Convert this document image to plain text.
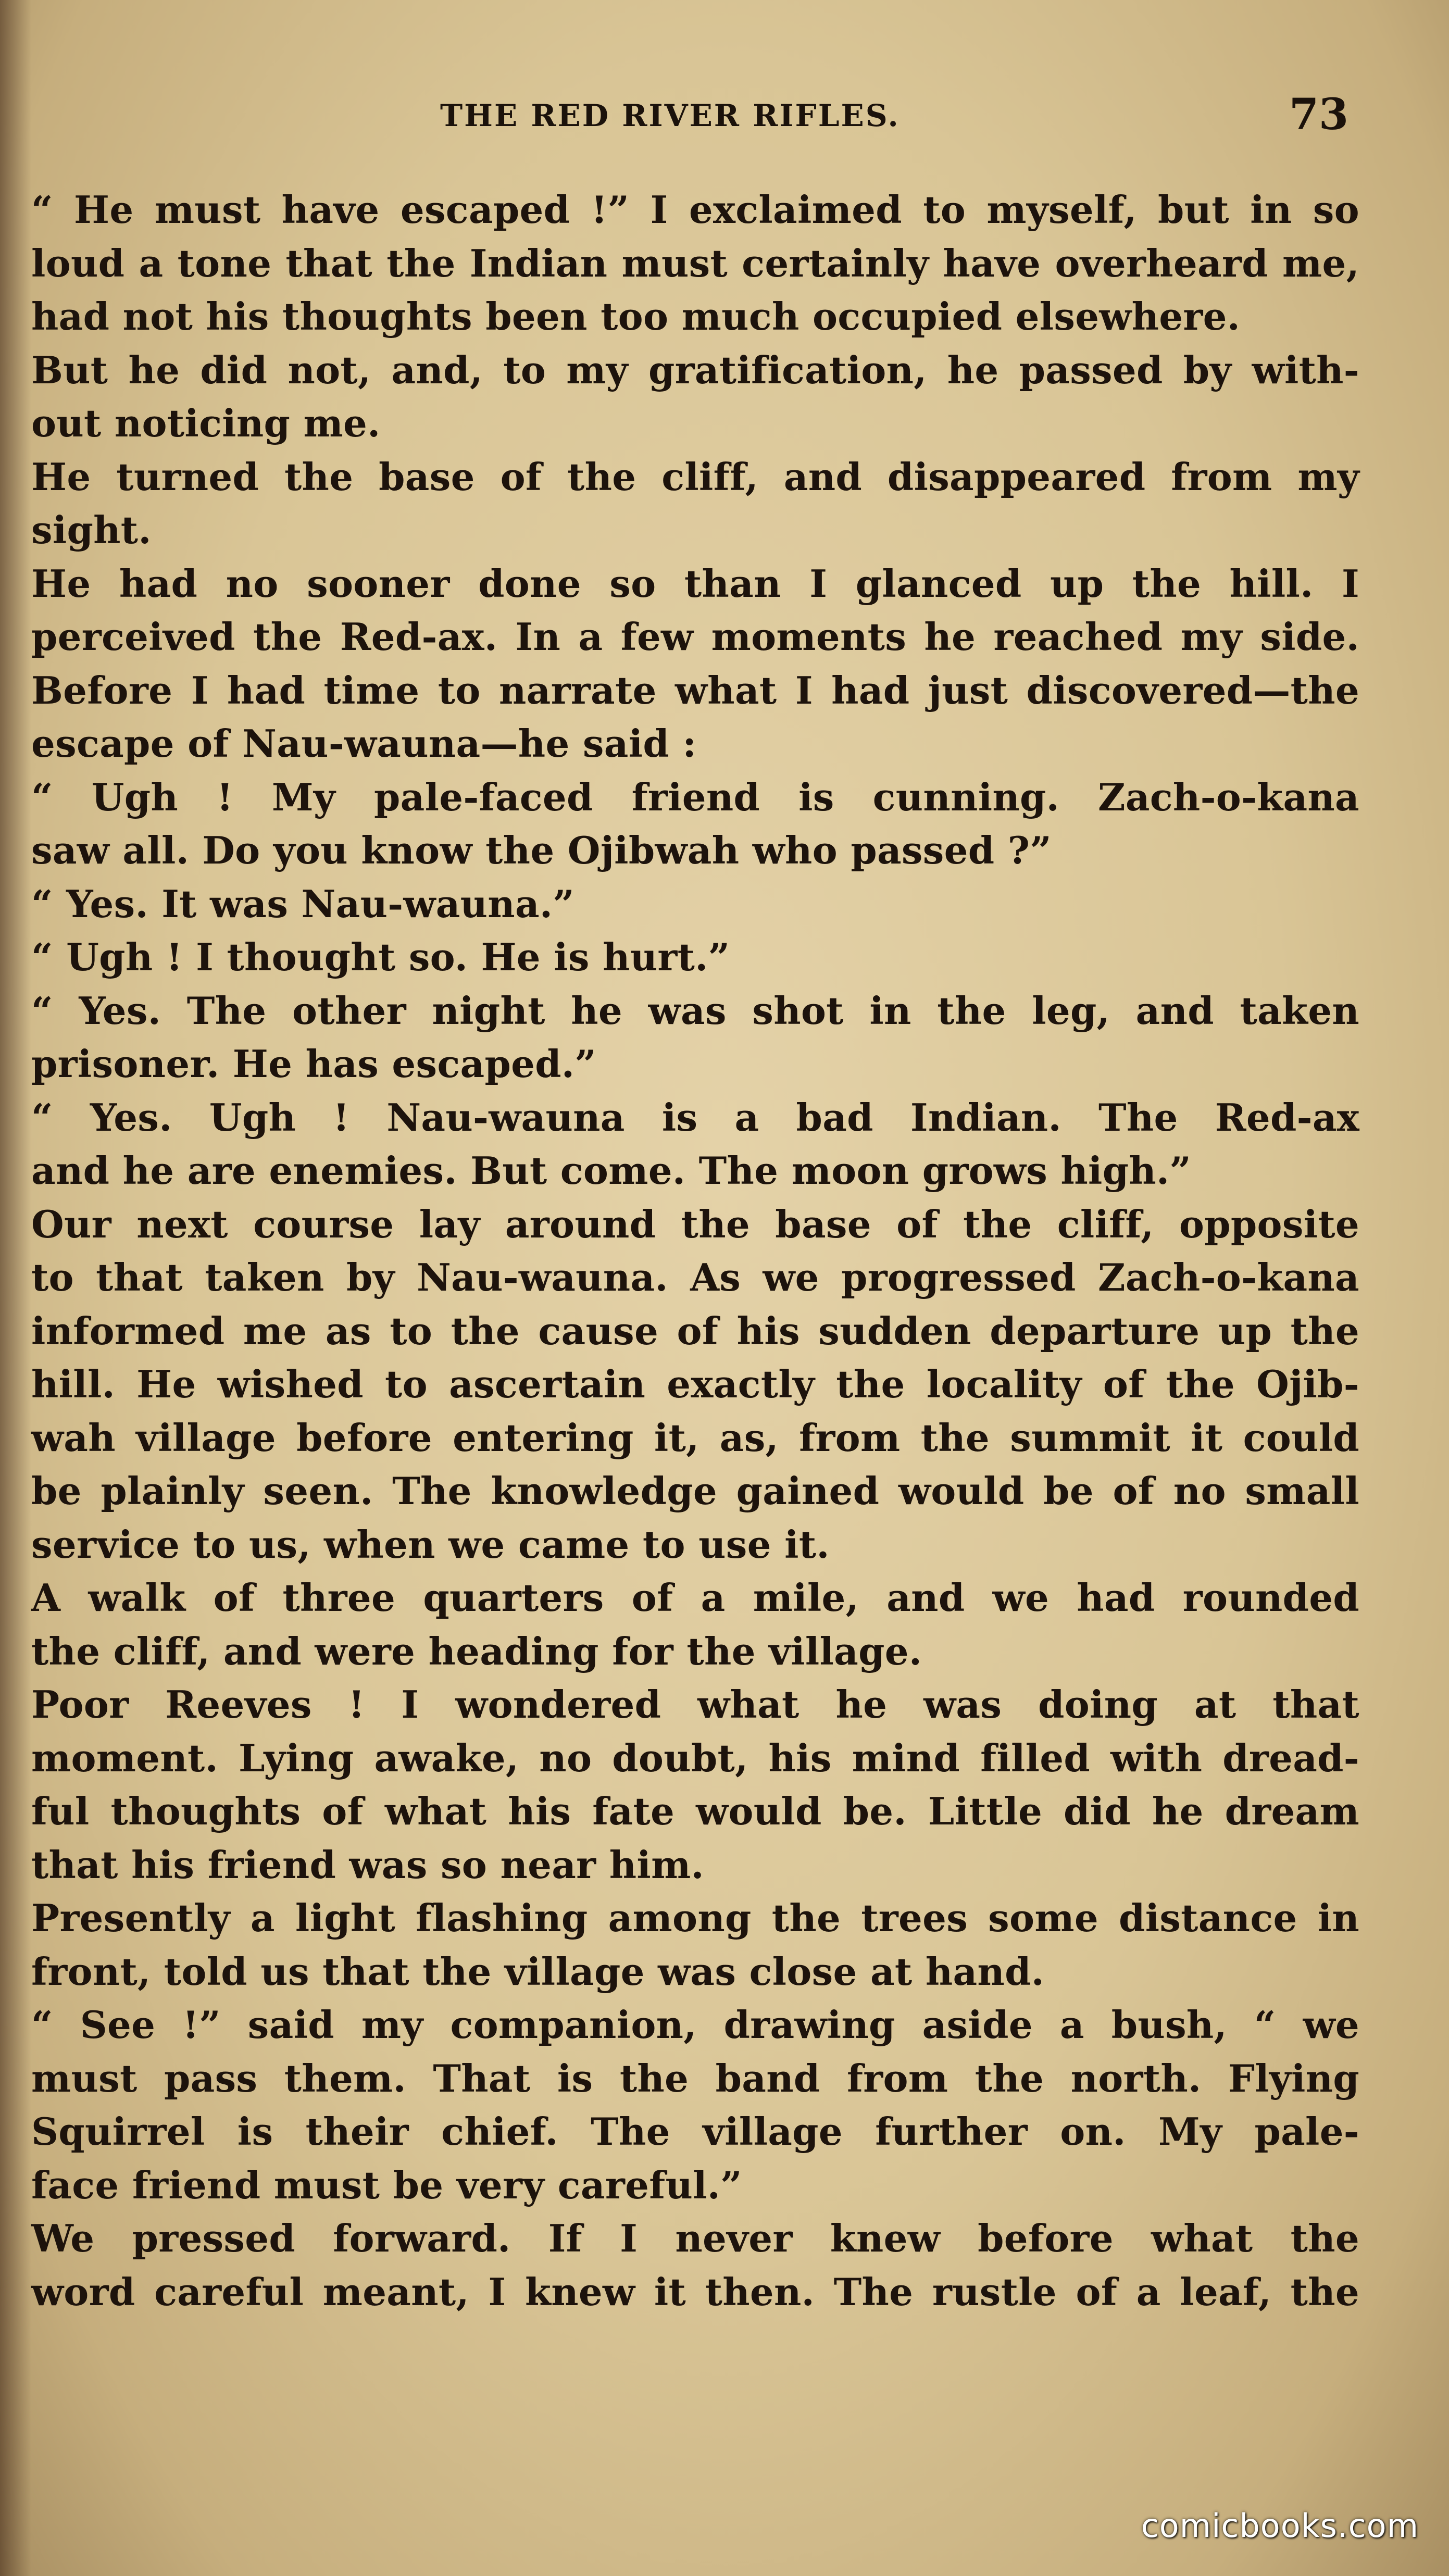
THE RED RIVER RIFLES.	73
“ He must have escaped !” I exclaimed to myself, but in so
loud a tone that the Indian must certainly have overheard me,
had not his thoughts been too much occupied elsewhere.
But he did not, and, to my gratification, he passed by with-
out noticing me.
He turned the base of the cliff, and disappeared from my
sight.
He had no sooner done so than I glanced up the hill. I
perceived the Red-ax. In a few moments he reached my side.
Before I had time to narrate what I had just discovered—the
escape of Nau-wauna—he said :
“ Ugh ! My pale-faced friend is cunning. Zach-o-kana
saw all. Do you know the Ojibwah who passed ?”
“ Yes. It was Nau-wauna.”
“ Ugh ! I thought so. He is hurt.”
“ Yes. The other night he was shot in the leg, and taken
prisoner. He has escaped.”
“ Yes. Ugh ! Nau-wauna is a bad Indian. The Red-ax
and he are enemies. But come. The moon grows high.”
Our next course lay around the base of the cliff, opposite
to that taken by Nau-wauna. As we progressed Zach-o-kana
informed me as to the cause of his sudden departure up the
hill. He wished to ascertain exactly the locality of the Ojib-
wah village before entering it, as, from the summit it could
be plainly seen. The knowledge gained would be of no small
service to us, when we came to use it.
A walk of three quarters of a mile, and we had rounded
the cliff, and were heading for the village.
Poor Reeves ! I wondered what he was doing at that
moment. Lying awake, no doubt, his mind filled with dread-
ful thoughts of what his fate would be. Little did he dream
that his friend was so near him.
Presently a light flashing among the trees some distance in
front, told us that the village was close at hand.
“ See !” said my companion, drawing aside a bush, “ we
must pass them. That is the band from the north. Flying
Squirrel is their chief. The village further on. My pale-
face friend must be very careful.”
We pressed forward. If I never knew before what the
word careful meant, I knew it then. The rustle of a leaf, the
comicbooks.com
